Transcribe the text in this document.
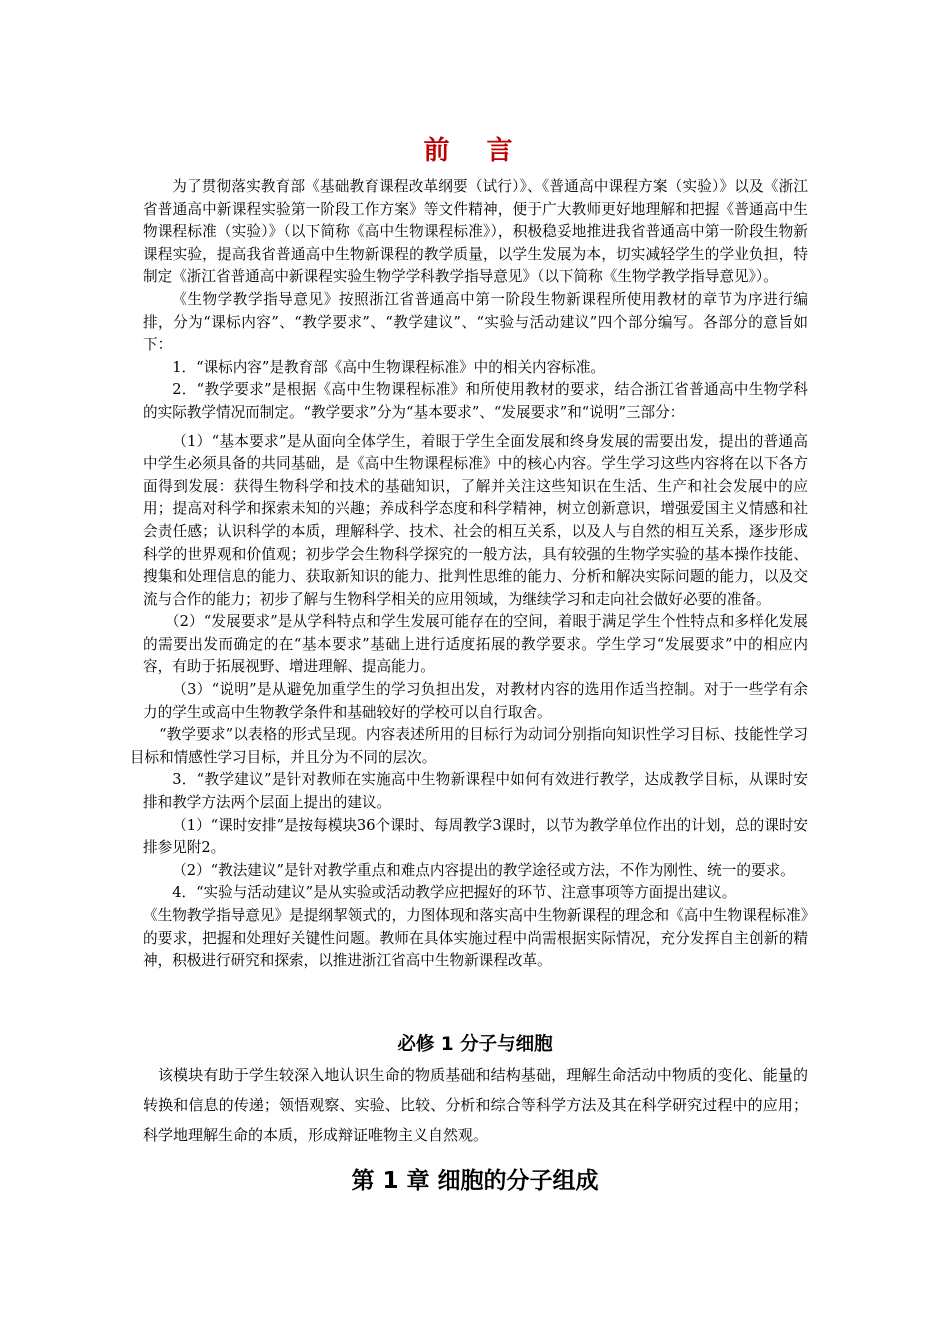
前 言

为了贯彻落实教育部《基础教育课程改革纲要（试行）》、《普通高中课程方案（实验）》以及《浙江省普通高中新课程实验第一阶段工作方案》等文件精神，便于广大教师更好地理解和把握《普通高中生物课程标准（实验）》（以下简称《高中生物课程标准》），积极稳妥地推进我省普通高中第一阶段生物新课程实验，提高我省普通高中生物新课程的教学质量，以学生发展为本，切实减轻学生的学业负担，特制定《浙江省普通高中新课程实验生物学学科教学指导意见》（以下简称《生物学教学指导意见》）。

《生物学教学指导意见》按照浙江省普通高中第一阶段生物新课程所使用教材的章节为序进行编排，分为“课标内容”、“教学要求”、“教学建议”、“实验与活动建议”四个部分编写。各部分的意旨如下：

1．“课标内容”是教育部《高中生物课程标准》中的相关内容标准。

2．“教学要求”是根据《高中生物课程标准》和所使用教材的要求，结合浙江省普通高中生物学科的实际教学情况而制定。“教学要求”分为“基本要求”、“发展要求”和“说明”三部分：

（1）“基本要求”是从面向全体学生，着眼于学生全面发展和终身发展的需要出发，提出的普通高中学生必须具备的共同基础，是《高中生物课程标准》中的核心内容。学生学习这些内容将在以下各方面得到发展：获得生物科学和技术的基础知识，了解并关注这些知识在生活、生产和社会发展中的应用；提高对科学和探索未知的兴趣；养成科学态度和科学精神，树立创新意识，增强爱国主义情感和社会责任感；认识科学的本质，理解科学、技术、社会的相互关系，以及人与自然的相互关系，逐步形成科学的世界观和价值观；初步学会生物科学探究的一般方法，具有较强的生物学实验的基本操作技能、搜集和处理信息的能力、获取新知识的能力、批判性思维的能力、分析和解决实际问题的能力，以及交流与合作的能力；初步了解与生物科学相关的应用领域，为继续学习和走向社会做好必要的准备。

（2）“发展要求”是从学科特点和学生发展可能存在的空间，着眼于满足学生个性特点和多样化发展的需要出发而确定的在“基本要求”基础上进行适度拓展的教学要求。学生学习“发展要求”中的相应内容，有助于拓展视野、增进理解、提高能力。

（3）“说明”是从避免加重学生的学习负担出发，对教材内容的选用作适当控制。对于一些学有余力的学生或高中生物教学条件和基础较好的学校可以自行取舍。

“教学要求”以表格的形式呈现。内容表述所用的目标行为动词分别指向知识性学习目标、技能性学习目标和情感性学习目标，并且分为不同的层次。

3．“教学建议”是针对教师在实施高中生物新课程中如何有效进行教学，达成教学目标，从课时安排和教学方法两个层面上提出的建议。

（1）“课时安排”是按每模块36个课时、每周教学3课时，以节为教学单位作出的计划，总的课时安排参见附2。

（2）“教法建议”是针对教学重点和难点内容提出的教学途径或方法，不作为刚性、统一的要求。

4．“实验与活动建议”是从实验或活动教学应把握好的环节、注意事项等方面提出建议。

《生物教学指导意见》是提纲挈领式的，力图体现和落实高中生物新课程的理念和《高中生物课程标准》的要求，把握和处理好关键性问题。教师在具体实施过程中尚需根据实际情况，充分发挥自主创新的精神，积极进行研究和探索，以推进浙江省高中生物新课程改革。

必修 1 分子与细胞
该模块有助于学生较深入地认识生命的物质基础和结构基础，理解生命活动中物质的变化、能量的转换和信息的传递；领悟观察、实验、比较、分析和综合等科学方法及其在科学研究过程中的应用；科学地理解生命的本质，形成辩证唯物主义自然观。
第 1 章 细胞的分子组成
